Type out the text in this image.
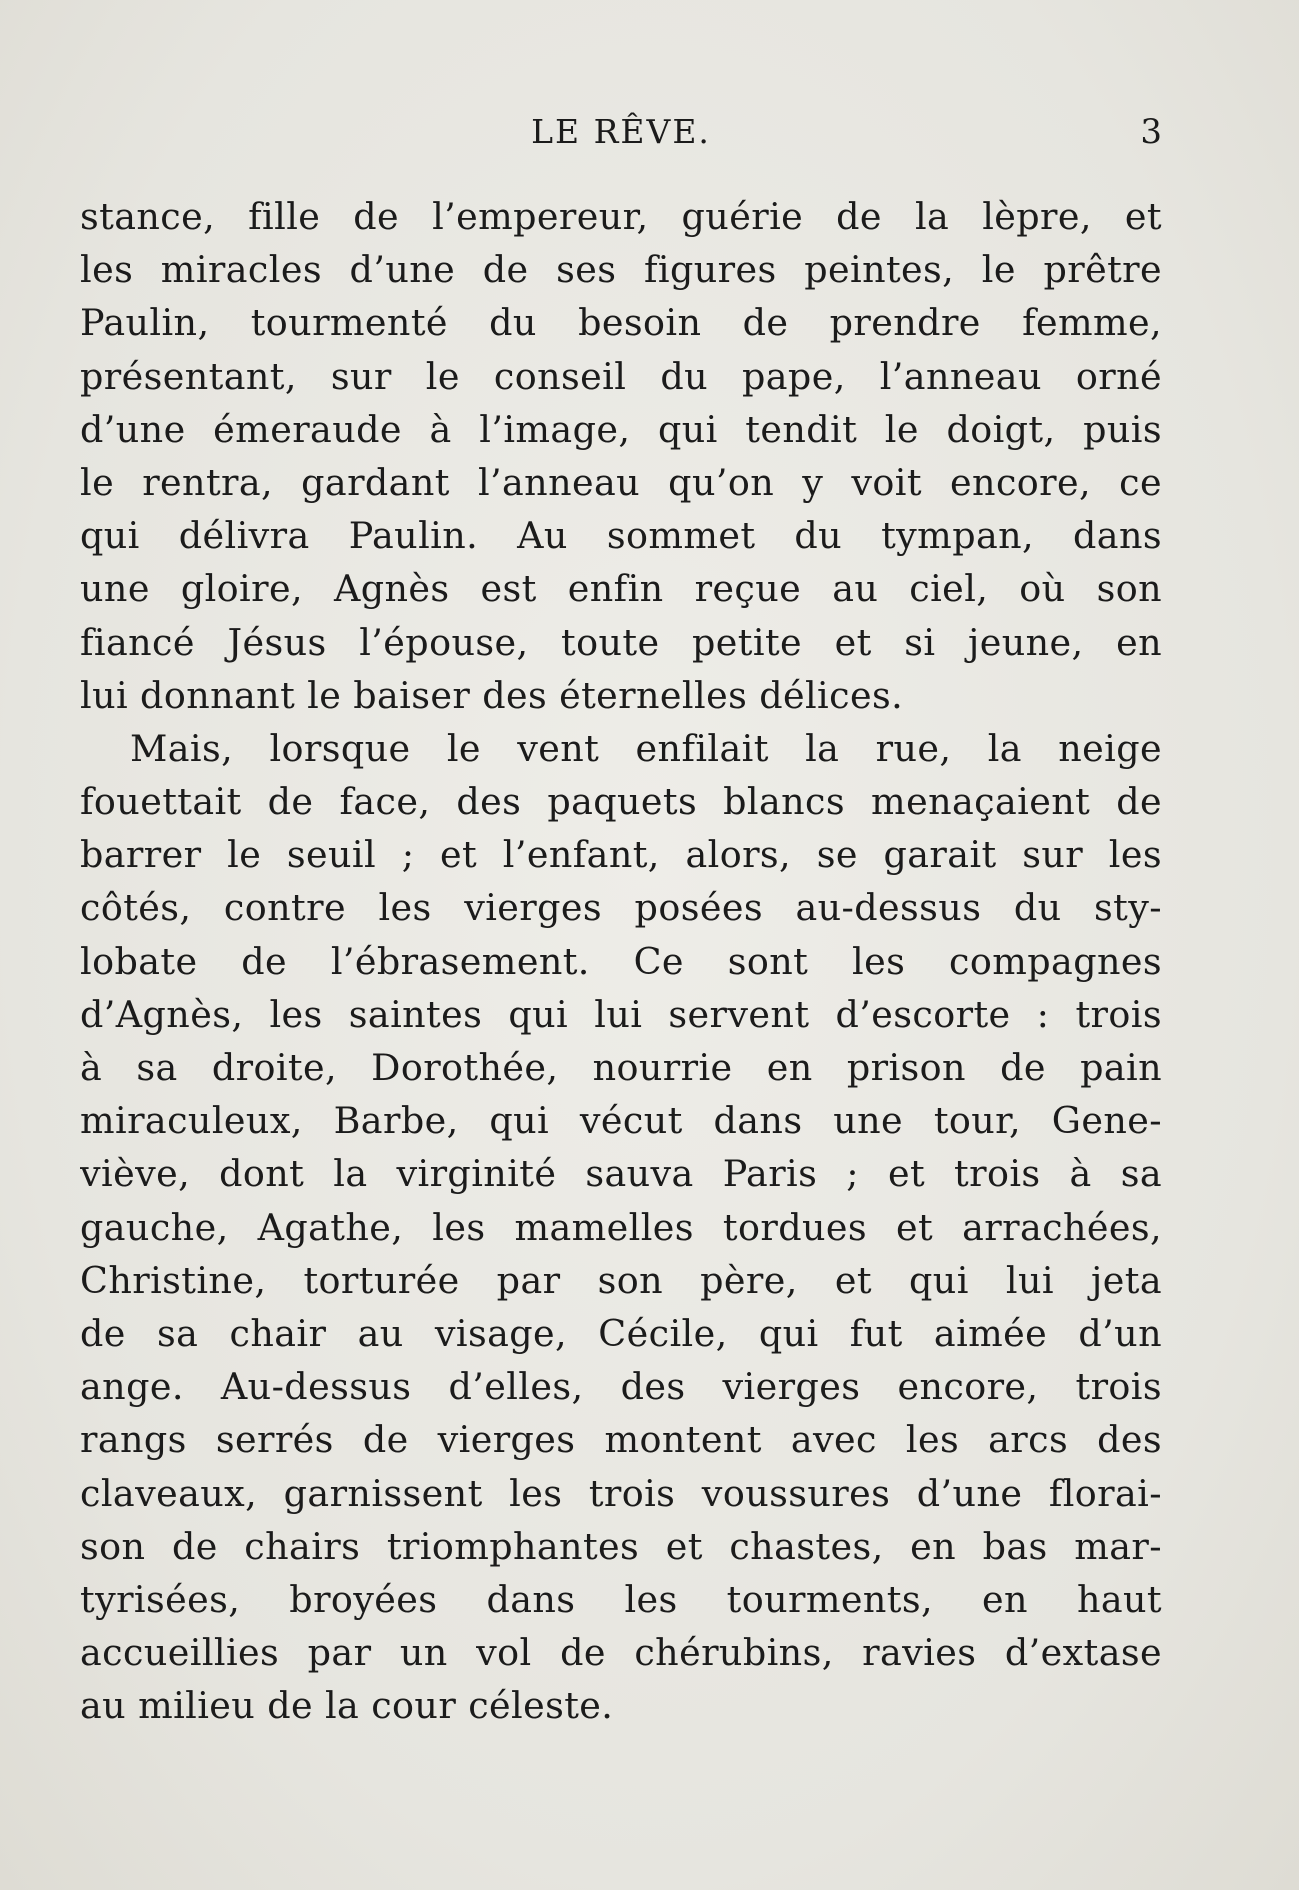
LE RÊVE.	3
stance, fille de l’empereur, guérie de la lèpre, et
les miracles d’une de ses figures peintes, le prêtre
Paulin, tourmenté du besoin de prendre femme,
présentant, sur le conseil du pape, l’anneau orné
d’une émeraude à l’image, qui tendit le doigt, puis
le rentra, gardant l’anneau qu’on y voit encore, ce
qui délivra Paulin. Au sommet du tympan, dans
une gloire, Agnès est enfin reçue au ciel, où son
fiancé Jésus l’épouse, toute petite et si jeune, en
lui donnant le baiser des éternelles délices.
Mais, lorsque le vent enfilait la rue, la neige
fouettait de face, des paquets blancs menaçaient de
barrer le seuil ; et l’enfant, alors, se garait sur les
côtés, contre les vierges posées au-dessus du sty-
lobate de l’ébrasement. Ce sont les compagnes
d’Agnès, les saintes qui lui servent d’escorte : trois
à sa droite, Dorothée, nourrie en prison de pain
miraculeux, Barbe, qui vécut dans une tour, Gene-
viève, dont la virginité sauva Paris ; et trois à sa
gauche, Agathe, les mamelles tordues et arrachées,
Christine, torturée par son père, et qui lui jeta
de sa chair au visage, Cécile, qui fut aimée d’un
ange. Au-dessus d’elles, des vierges encore, trois
rangs serrés de vierges montent avec les arcs des
claveaux, garnissent les trois voussures d’une florai-
son de chairs triomphantes et chastes, en bas mar-
tyrisées, broyées dans les tourments, en haut
accueillies par un vol de chérubins, ravies d’extase
au milieu de la cour céleste.
